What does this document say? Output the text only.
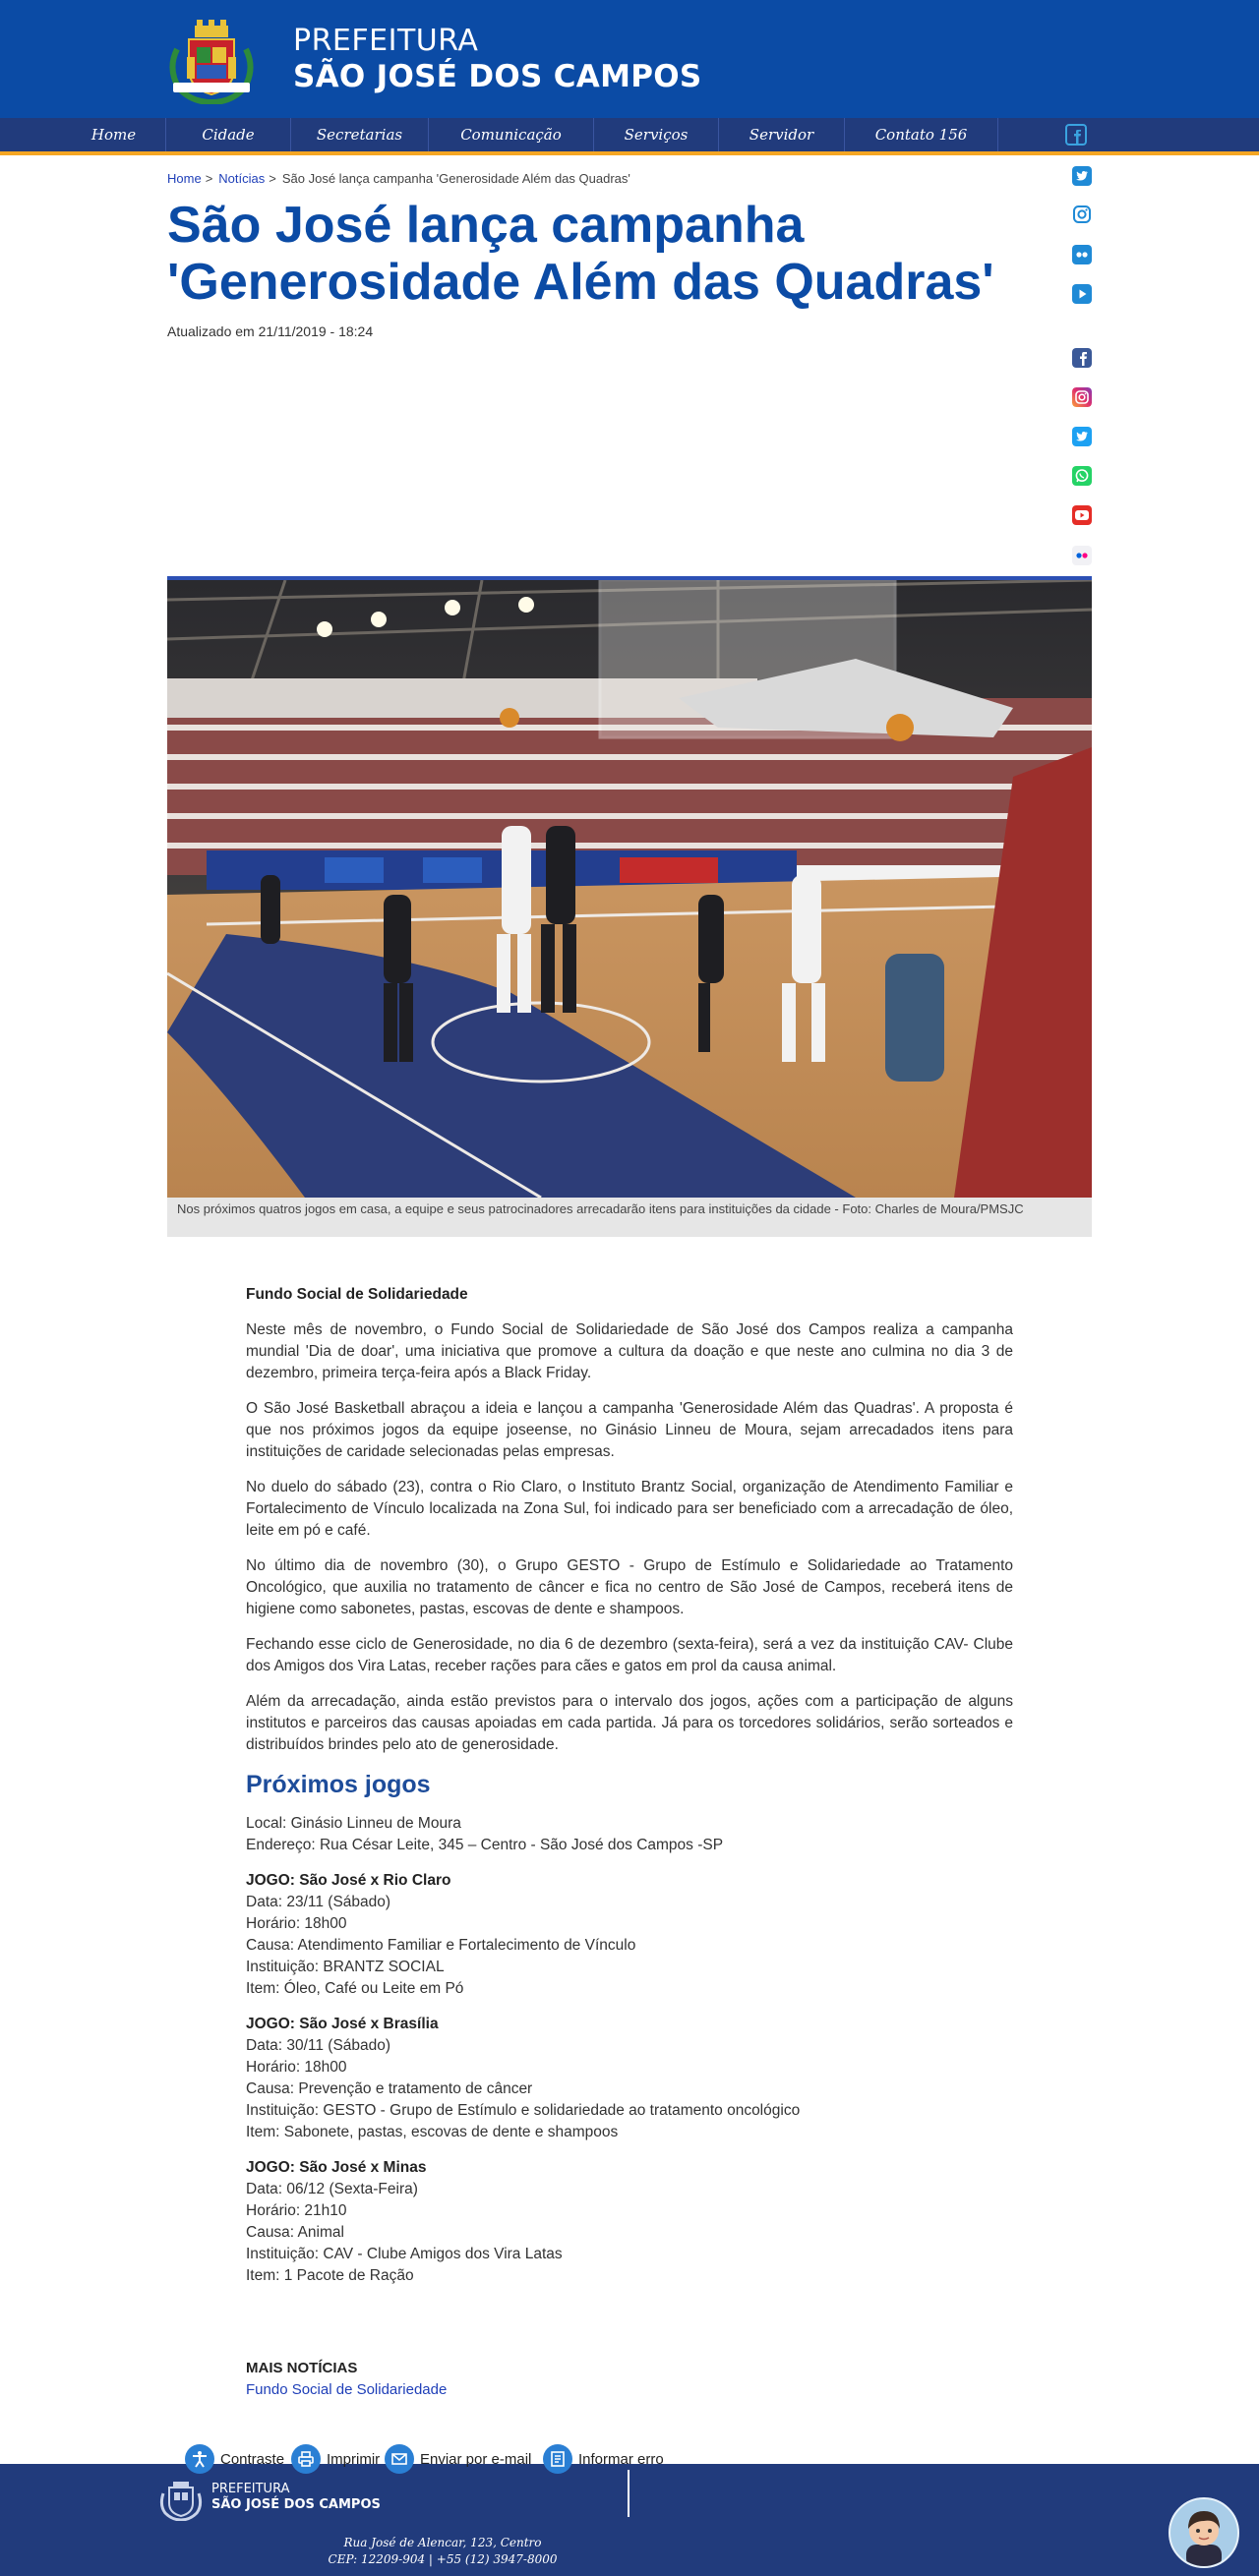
PREFEITURA
SÃO JOSÉ DOS CAMPOS
Home	Cidade	Secretarias	Comunicação	Serviços	Servidor	Contato 156
Home > Notícias > São José lança campanha 'Generosidade Além das Quadras'
São José lança campanha
'Generosidade Além das Quadras'
Atualizado em 21/11/2019 - 18:24
Nos próximos quatros jogos em casa, a equipe e seus patrocinadores arrecadarão itens para instituições da cidade - Foto: Charles de Moura/PMSJC
Fundo Social de Solidariedade

Neste mês de novembro, o Fundo Social de Solidariedade de São José dos Campos realiza a campanha mundial 'Dia de doar', uma iniciativa que promove a cultura da doação e que neste ano culmina no dia 3 de dezembro, primeira terça-feira após a Black Friday.

O São José Basketball abraçou a ideia e lançou a campanha 'Generosidade Além das Quadras'. A proposta é que nos próximos jogos da equipe joseense, no Ginásio Linneu de Moura, sejam arrecadados itens para instituições de caridade selecionadas pelas empresas.

No duelo do sábado (23), contra o Rio Claro, o Instituto Brantz Social, organização de Atendimento Familiar e Fortalecimento de Vínculo localizada na Zona Sul, foi indicado para ser beneficiado com a arrecadação de óleo, leite em pó e café.

No último dia de novembro (30), o Grupo GESTO - Grupo de Estímulo e Solidariedade ao Tratamento Oncológico, que auxilia no tratamento de câncer e fica no centro de São José de Campos, receberá itens de higiene como sabonetes, pastas, escovas de dente e shampoos.

Fechando esse ciclo de Generosidade, no dia 6 de dezembro (sexta-feira), será a vez da instituição CAV- Clube dos Amigos dos Vira Latas, receber rações para cães e gatos em prol da causa animal.

Além da arrecadação, ainda estão previstos para o intervalo dos jogos, ações com a participação de alguns institutos e parceiros das causas apoiadas em cada partida. Já para os torcedores solidários, serão sorteados e distribuídos brindes pelo ato de generosidade.

Próximos jogos
Local: Ginásio Linneu de Moura
Endereço: Rua César Leite, 345 – Centro - São José dos Campos -SP
JOGO: São José x Rio Claro
Data: 23/11 (Sábado)
Horário: 18h00
Causa: Atendimento Familiar e Fortalecimento de Vínculo
Instituição: BRANTZ SOCIAL
Item: Óleo, Café ou Leite em Pó
JOGO: São José x Brasília
Data: 30/11 (Sábado)
Horário: 18h00
Causa: Prevenção e tratamento de câncer
Instituição: GESTO - Grupo de Estímulo e solidariedade ao tratamento oncológico
Item: Sabonete, pastas, escovas de dente e shampoos
JOGO: São José x Minas
Data: 06/12 (Sexta-Feira)
Horário: 21h10
Causa: Animal
Instituição: CAV - Clube Amigos dos Vira Latas
Item: 1 Pacote de Ração
MAIS NOTÍCIAS
Fundo Social de Solidariedade
PREFEITURA
SÃO JOSÉ DOS CAMPOS
Rua José de Alencar, 123, Centro
CEP: 12209-904 | +55 (12) 3947-8000
Contraste	Imprimir	Enviar por e-mail	Informar erro
